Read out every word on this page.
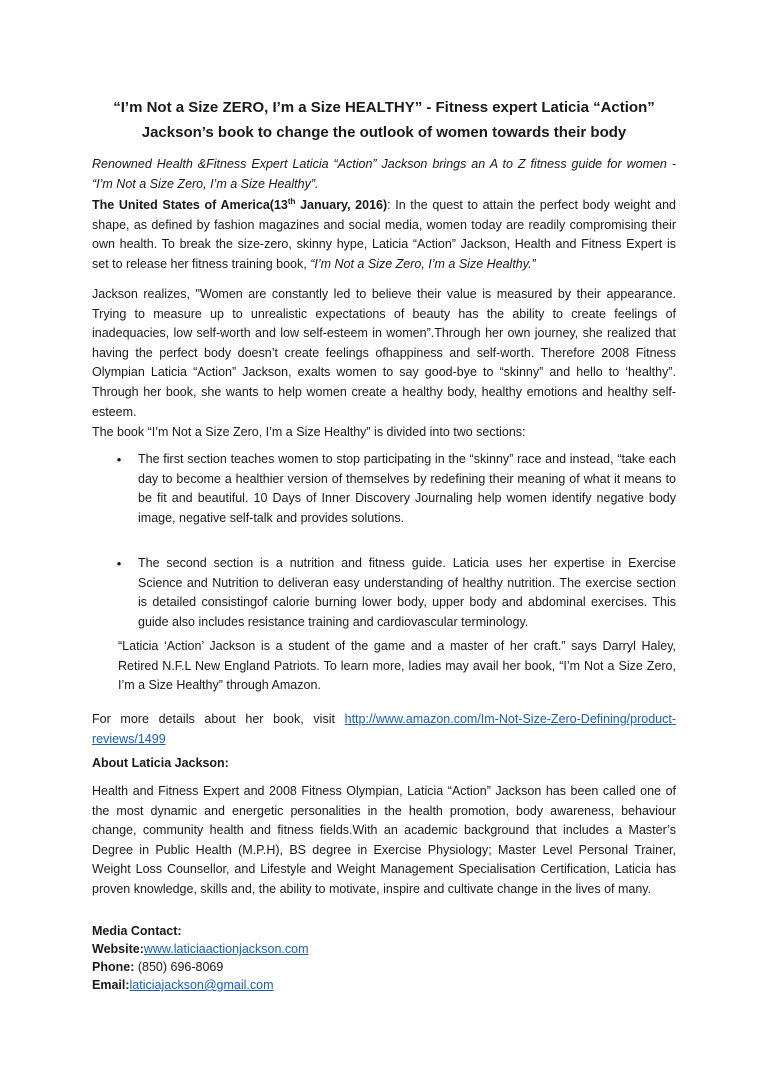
“I’m Not a Size ZERO, I’m a Size HEALTHY” - Fitness expert Laticia “Action”
Jackson’s book to change the outlook of women towards their body

Renowned Health &Fitness Expert Laticia “Action” Jackson brings an A to Z fitness guide for women - “I’m Not a Size Zero, I’m a Size Healthy”.

The United States of America(13th January, 2016): In the quest to attain the perfect body weight and shape, as defined by fashion magazines and social media, women today are readily compromising their own health. To break the size-zero, skinny hype, Laticia “Action” Jackson, Health and Fitness Expert is set to release her fitness training book, “I’m Not a Size Zero, I’m a Size Healthy.”

Jackson realizes, "Women are constantly led to believe their value is measured by their appearance. Trying to measure up to unrealistic expectations of beauty has the ability to create feelings of inadequacies, low self-worth and low self-esteem in women”.Through her own journey, she realized that having the perfect body doesn’t create feelings ofhappiness and self-worth. Therefore 2008 Fitness Olympian Laticia “Action” Jackson, exalts women to say good-bye to “skinny” and hello to ‘healthy”. Through her book, she wants to help women create a healthy body, healthy emotions and healthy self-esteem.

The book “I’m Not a Size Zero, I’m a Size Healthy” is divided into two sections:

• The first section teaches women to stop participating in the “skinny” race and instead, “take each day to become a healthier version of themselves by redefining their meaning of what it means to be fit and beautiful. 10 Days of Inner Discovery Journaling help women identify negative body image, negative self-talk and provides solutions.
• The second section is a nutrition and fitness guide. Laticia uses her expertise in Exercise Science and Nutrition to deliveran easy understanding of healthy nutrition. The exercise section is detailed consistingof calorie burning lower body, upper body and abdominal exercises. This guide also includes resistance training and cardiovascular terminology.
“Laticia ‘Action’ Jackson is a student of the game and a master of her craft.” says Darryl Haley, Retired N.F.L New England Patriots. To learn more, ladies may avail her book, “I’m Not a Size Zero, I’m a Size Healthy” through Amazon.

For more details about her book, visit http://www.amazon.com/Im-Not-Size-Zero-Defining/product-reviews/1499

About Laticia Jackson:

Health and Fitness Expert and 2008 Fitness Olympian, Laticia “Action” Jackson has been called one of the most dynamic and energetic personalities in the health promotion, body awareness, behaviour change, community health and fitness fields.With an academic background that includes a Master’s Degree in Public Health (M.P.H), BS degree in Exercise Physiology; Master Level Personal Trainer, Weight Loss Counsellor, and Lifestyle and Weight Management Specialisation Certification, Laticia has proven knowledge, skills and, the ability to motivate, inspire and cultivate change in the lives of many.

Media Contact:
Website:www.laticiaactionjackson.com
Phone: (850) 696-8069
Email:laticiajackson@gmail.com
